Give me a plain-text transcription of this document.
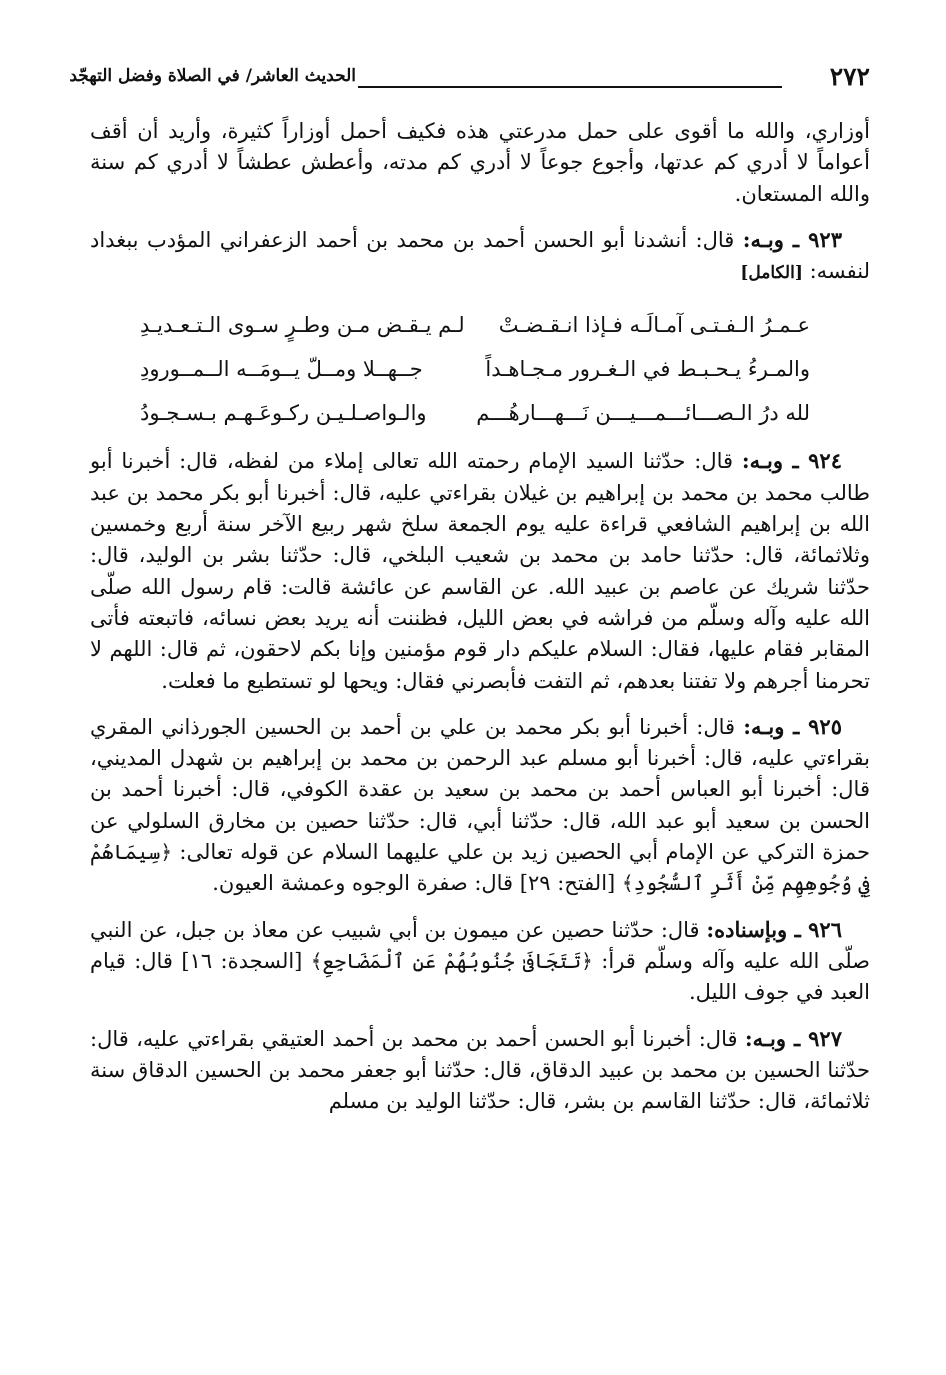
٢٧٢
الحديث العاشر/ في الصلاة وفضل التهجّد

أوزاري، والله ما أقوى على حمل مدرعتي هذه فكيف أحمل أوزاراً كثيرة، وأريد أن أقف أعواماً لا أدري كم عدتها، وأجوع جوعاً لا أدري كم مدته، وأعطش عطشاً لا أدري كم سنة والله المستعان.

٩٢٣ ـ وبـه: قال: أنشدنا أبو الحسن أحمد بن محمد بن أحمد الزعفراني المؤدب ببغداد لنفسه: [الكامل]

عـمـرُ الـفـتـى آمـالَـه فـإذا انـقـضـتْ
لـم يـقـض مـن وطـرٍ سـوى الـتـعـديـدِ
والمـرءُ يـحـبـط في الـغـرور مـجـاهـداً
جــهــلا ومــلّ يــومَــه الــمــورودِ
لله درُ الـصـــائـــمـــيـــن نَـــهـــارهُـــم
والـواصـلـيـن ركـوعَـهـم بـسـجـودُ

٩٢٤ ـ وبـه: قال: حدّثنا السيد الإمام رحمته الله تعالى إملاء من لفظه، قال: أخبرنا أبو طالب محمد بن محمد بن إبراهيم بن غيلان بقراءتي عليه، قال: أخبرنا أبو بكر محمد بن عبد الله بن إبراهيم الشافعي قراءة عليه يوم الجمعة سلخ شهر ربيع الآخر سنة أربع وخمسين وثلاثمائة، قال: حدّثنا حامد بن محمد بن شعيب البلخي، قال: حدّثنا بشر بن الوليد، قال: حدّثنا شريك عن عاصم بن عبيد الله. عن القاسم عن عائشة قالت: قام رسول الله صلّى الله عليه وآله وسلّم من فراشه في بعض الليل، فظننت أنه يريد بعض نسائه، فاتبعته فأتى المقابر فقام عليها، فقال: السلام عليكم دار قوم مؤمنين وإنا بكم لاحقون، ثم قال: اللهم لا تحرمنا أجرهم ولا تفتنا بعدهم، ثم التفت فأبصرني فقال: ويحها لو تستطيع ما فعلت.

٩٢٥ ـ وبـه: قال: أخبرنا أبو بكر محمد بن علي بن أحمد بن الحسين الجورذاني المقري بقراءتي عليه، قال: أخبرنا أبو مسلم عبد الرحمن بن محمد بن إبراهيم بن شهدل المديني، قال: أخبرنا أبو العباس أحمد بن محمد بن سعيد بن عقدة الكوفي، قال: أخبرنا أحمد بن الحسن بن سعيد أبو عبد الله، قال: حدّثنا أبي، قال: حدّثنا حصين بن مخارق السلولي عن حمزة التركي عن الإمام أبي الحصين زيد بن علي عليهما السلام عن قوله تعالى: ﴿سِيمَاهُمْ فِي وُجُوهِهِم مِّنْ أَثَرِ ٱلسُّجُودِ﴾ [الفتح: ٢٩] قال: صفرة الوجوه وعمشة العيون.

٩٢٦ ـ وبإسناده: قال: حدّثنا حصين عن ميمون بن أبي شبيب عن معاذ بن جبل، عن النبي صلّى الله عليه وآله وسلّم قرأ: ﴿تَتَجَافَىٰ جُنُوبُهُمْ عَنِ ٱلْمَضَاجِعِ﴾ [السجدة: ١٦] قال: قيام العبد في جوف الليل.

٩٢٧ ـ وبـه: قال: أخبرنا أبو الحسن أحمد بن محمد بن أحمد العتيقي بقراءتي عليه، قال: حدّثنا الحسين بن محمد بن عبيد الدقاق، قال: حدّثنا أبو جعفر محمد بن الحسين الدقاق سنة ثلاثمائة، قال: حدّثنا القاسم بن بشر، قال: حدّثنا الوليد بن مسلم
